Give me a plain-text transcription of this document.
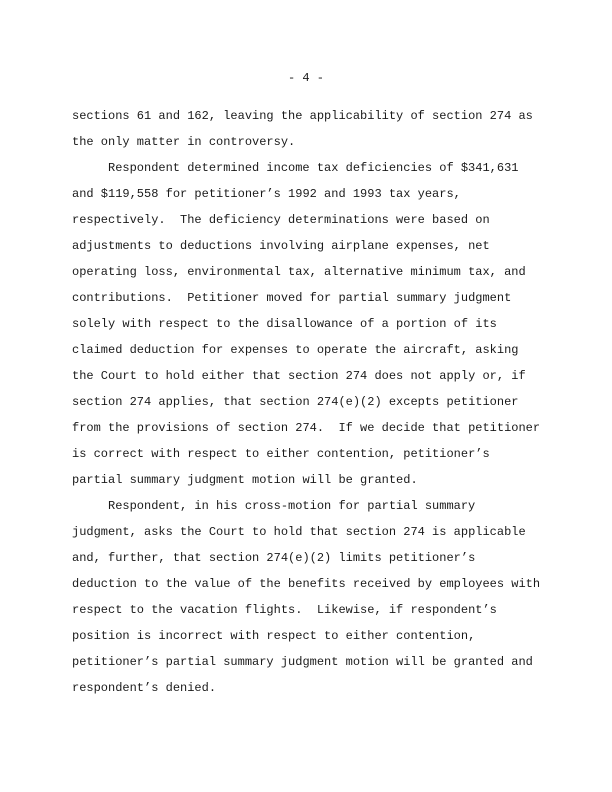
- 4 -
sections 61 and 162, leaving the applicability of section 274 as
the only matter in controversy.
Respondent determined income tax deficiencies of $341,631
and $119,558 for petitioner’s 1992 and 1993 tax years,
respectively.  The deficiency determinations were based on
adjustments to deductions involving airplane expenses, net
operating loss, environmental tax, alternative minimum tax, and
contributions.  Petitioner moved for partial summary judgment
solely with respect to the disallowance of a portion of its
claimed deduction for expenses to operate the aircraft, asking
the Court to hold either that section 274 does not apply or, if
section 274 applies, that section 274(e)(2) excepts petitioner
from the provisions of section 274.  If we decide that petitioner
is correct with respect to either contention, petitioner’s
partial summary judgment motion will be granted.
Respondent, in his cross-motion for partial summary
judgment, asks the Court to hold that section 274 is applicable
and, further, that section 274(e)(2) limits petitioner’s
deduction to the value of the benefits received by employees with
respect to the vacation flights.  Likewise, if respondent’s
position is incorrect with respect to either contention,
petitioner’s partial summary judgment motion will be granted and
respondent’s denied.
